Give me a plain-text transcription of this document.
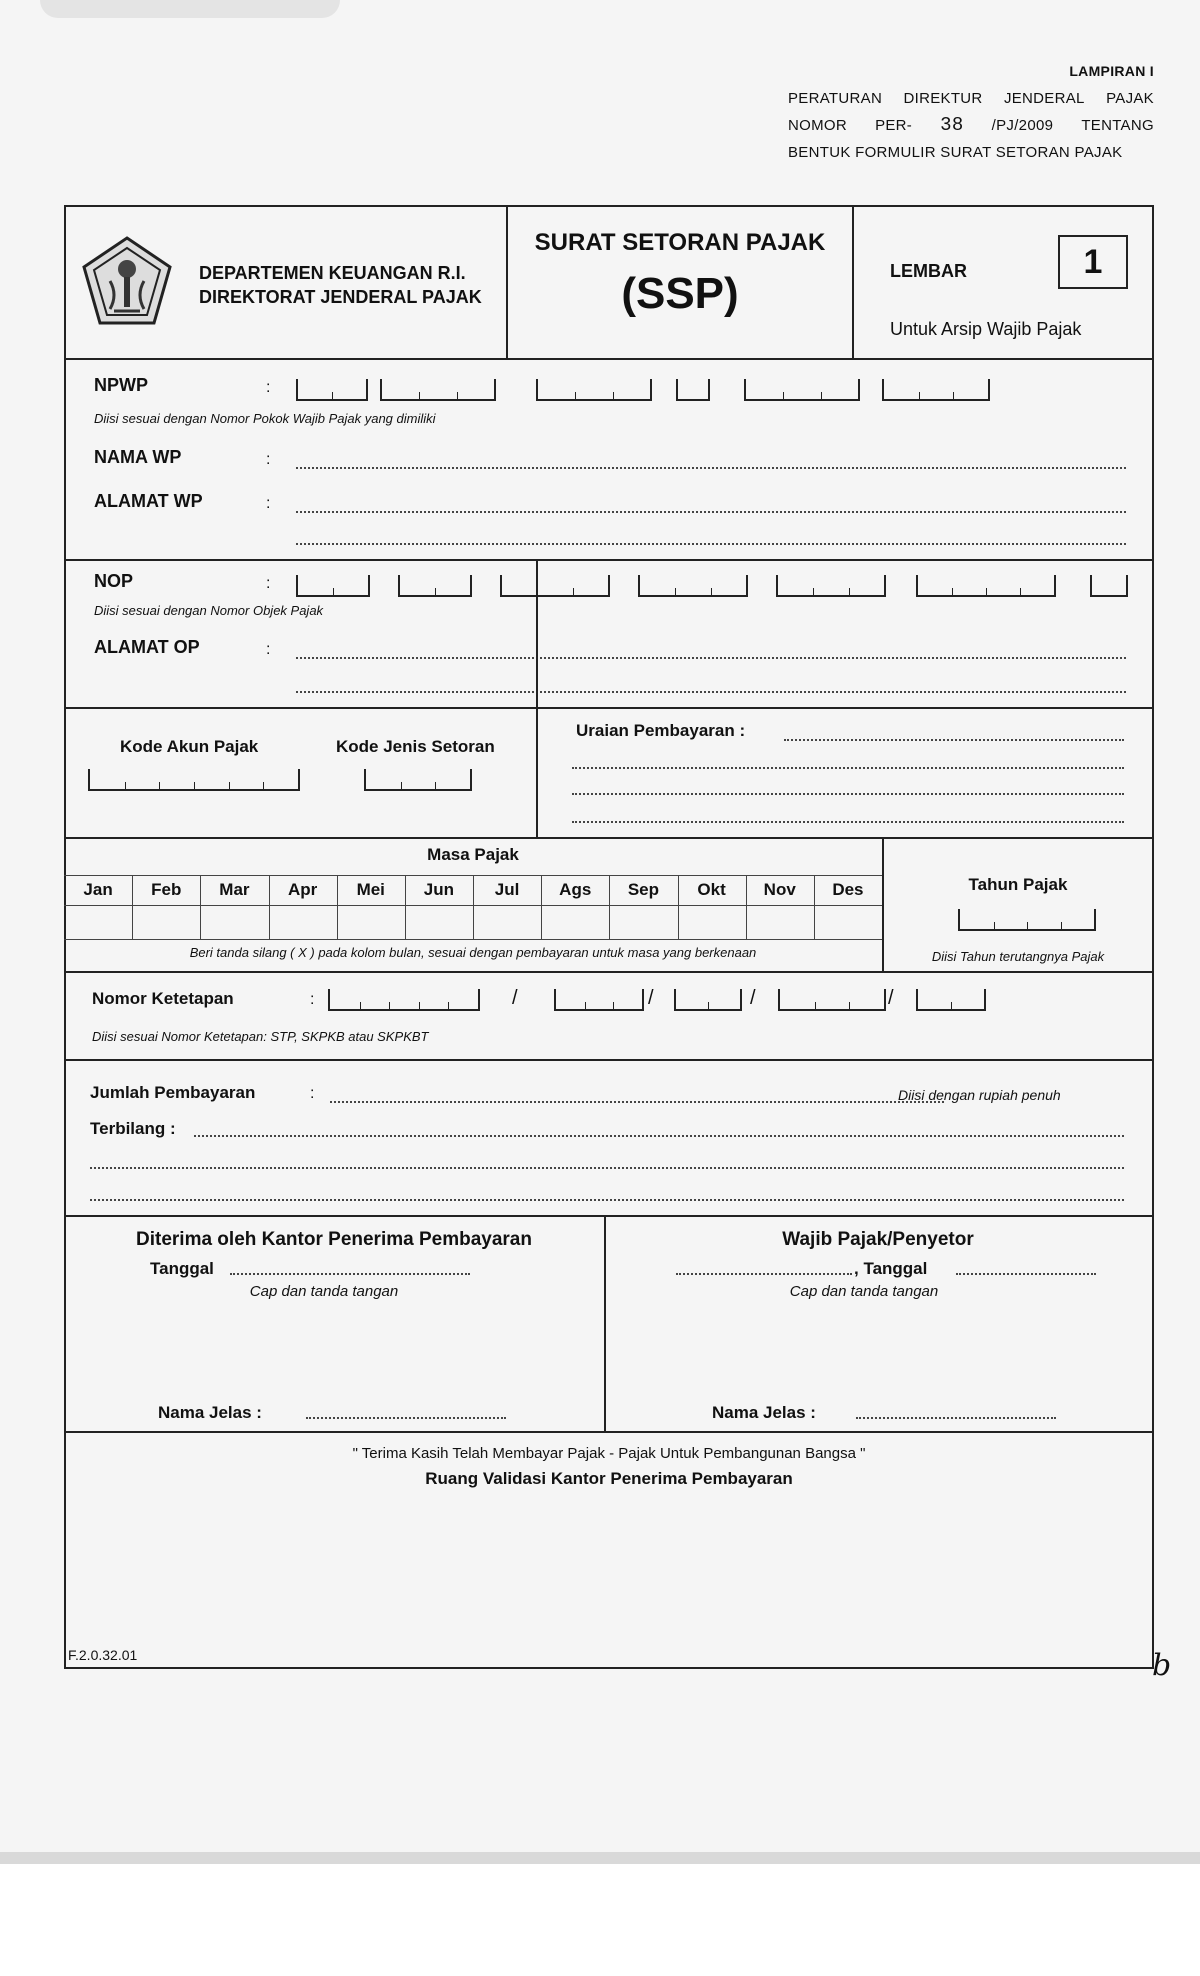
LAMPIRAN I
PERATURAN DIREKTUR JENDERAL PAJAK
NOMOR PER- 38 /PJ/2009 TENTANG
BENTUK FORMULIR SURAT SETORAN PAJAK
DEPARTEMEN KEUANGAN R.I.
DIREKTORAT JENDERAL PAJAK
SURAT SETORAN PAJAK
(SSP)	LEMBAR	1
Untuk Arsip Wajib Pajak
NPWP	:
Diisi sesuai dengan Nomor Pokok Wajib Pajak yang dimiliki
NAMA WP	:
ALAMAT WP	:
NOP	:
Diisi sesuai dengan Nomor Objek Pajak
ALAMAT OP	:
Kode Akun Pajak	Kode Jenis Setoran
Uraian Pembayaran :
Masa Pajak
Jan	Feb	Mar	Apr	Mei	Jun	Jul	Ags	Sep	Okt	Nov	Des
Beri tanda silang ( X ) pada kolom bulan, sesuai dengan pembayaran untuk masa yang berkenaan
Tahun Pajak
Diisi Tahun terutangnya Pajak
Nomor Ketetapan	:	/	/	/	/
Diisi sesuai Nomor Ketetapan: STP, SKPKB atau SKPKBT
Jumlah Pembayaran	:	Diisi dengan rupiah penuh
Terbilang :
Diterima oleh Kantor Penerima Pembayaran
Tanggal
Cap dan tanda tangan
Nama Jelas :
Wajib Pajak/Penyetor
, Tanggal
Cap dan tanda tangan
Nama Jelas :
" Terima Kasih Telah Membayar Pajak - Pajak Untuk Pembangunan Bangsa "
Ruang Validasi Kantor Penerima Pembayaran
F.2.0.32.01	b
